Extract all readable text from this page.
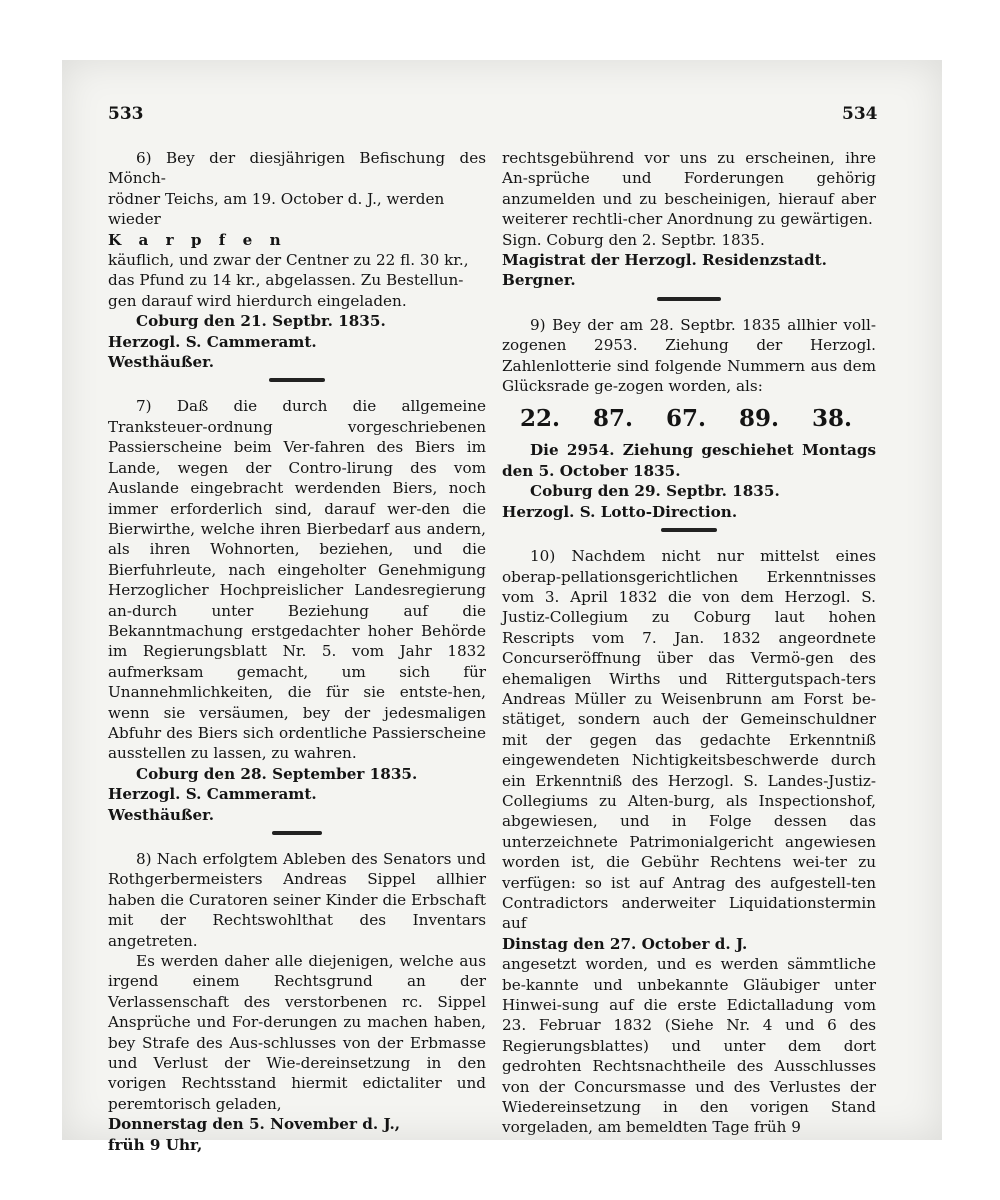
533	534

6) Bey der diesjährigen Befischung des Mönch-

rödner Teichs, am 19. October d. J., werden

wieder

K a r p f e n

käuflich, und zwar der Centner zu 22 fl. 30 kr.,

das Pfund zu 14 kr., abgelassen. Zu Bestellun-

gen darauf wird hierdurch eingeladen.

Coburg den 21. Septbr. 1835.

Herzogl. S. Cammeramt.

Westhäußer.

7) Daß die durch die allgemeine Tranksteuer-ordnung vorgeschriebenen Passierscheine beim Ver-fahren des Biers im Lande, wegen der Contro-lirung des vom Auslande eingebracht werdenden Biers, noch immer erforderlich sind, darauf wer-den die Bierwirthe, welche ihren Bierbedarf aus andern, als ihren Wohnorten, beziehen, und die Bierfuhrleute, nach eingeholter Genehmigung Herzoglicher Hochpreislicher Landesregierung an-durch unter Beziehung auf die Bekanntmachung erstgedachter hoher Behörde im Regierungsblatt Nr. 5. vom Jahr 1832 aufmerksam gemacht, um sich für Unannehmlichkeiten, die für sie entste-hen, wenn sie versäumen, bey der jedesmaligen Abfuhr des Biers sich ordentliche Passierscheine ausstellen zu lassen, zu wahren.

Coburg den 28. September 1835.

Herzogl. S. Cammeramt.

Westhäußer.

8) Nach erfolgtem Ableben des Senators und Rothgerbermeisters Andreas Sippel allhier haben die Curatoren seiner Kinder die Erbschaft mit der Rechtswohlthat des Inventars angetreten.

Es werden daher alle diejenigen, welche aus irgend einem Rechtsgrund an der Verlassenschaft des verstorbenen rc. Sippel Ansprüche und For-derungen zu machen haben, bey Strafe des Aus-schlusses von der Erbmasse und Verlust der Wie-dereinsetzung in den vorigen Rechtsstand hiermit edictaliter und peremtorisch geladen,

Donnerstag den 5. November d. J.,

früh 9 Uhr,

rechtsgebührend vor uns zu erscheinen, ihre An-sprüche und Forderungen gehörig anzumelden und zu bescheinigen, hierauf aber weiterer rechtli-cher Anordnung zu gewärtigen.

Sign. Coburg den 2. Septbr. 1835.

Magistrat der Herzogl. Residenzstadt.

Bergner.

9) Bey der am 28. Septbr. 1835 allhier voll-zogenen 2953. Ziehung der Herzogl. Zahlenlotterie sind folgende Nummern aus dem Glücksrade ge-zogen worden, als:

22. 87. 67. 89. 38.

Die 2954. Ziehung geschiehet Montags den 5. October 1835.

Coburg den 29. Septbr. 1835.

Herzogl. S. Lotto-Direction.

10) Nachdem nicht nur mittelst eines oberap-pellationsgerichtlichen Erkenntnisses vom 3. April 1832 die von dem Herzogl. S. Justiz-Collegium zu Coburg laut hohen Rescripts vom 7. Jan. 1832 angeordnete Concurseröffnung über das Vermö-gen des ehemaligen Wirths und Rittergutspach-ters Andreas Müller zu Weisenbrunn am Forst be-stätiget, sondern auch der Gemeinschuldner mit der gegen das gedachte Erkenntniß eingewendeten Nichtigkeitsbeschwerde durch ein Erkenntniß des Herzogl. S. Landes-Justiz-Collegiums zu Alten-burg, als Inspectionshof, abgewiesen, und in Folge dessen das unterzeichnete Patrimonialgericht angewiesen worden ist, die Gebühr Rechtens wei-ter zu verfügen: so ist auf Antrag des aufgestell-ten Contradictors anderweiter Liquidationstermin auf

Dinstag den 27. October d. J.

angesetzt worden, und es werden sämmtliche be-kannte und unbekannte Gläubiger unter Hinwei-sung auf die erste Edictalladung vom 23. Februar 1832 (Siehe Nr. 4 und 6 des Regierungsblattes) und unter dem dort gedrohten Rechtsnachtheile des Ausschlusses von der Concursmasse und des Verlustes der Wiedereinsetzung in den vorigen Stand vorgeladen, am bemeldten Tage früh 9
